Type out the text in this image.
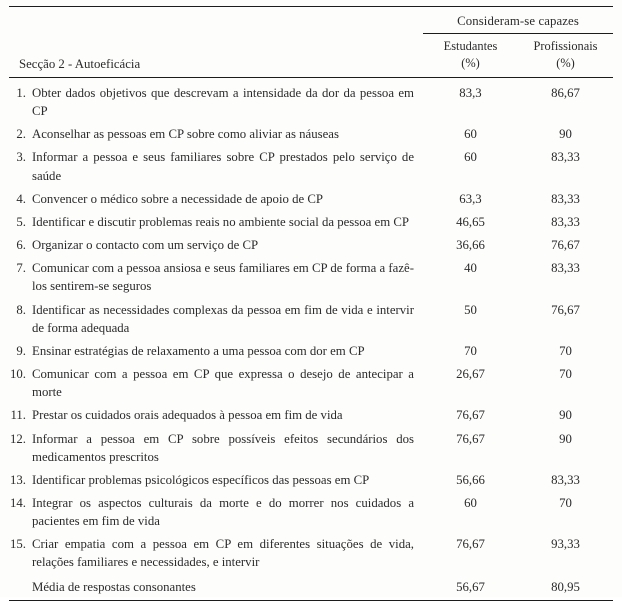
		Consideram-se capazes	

Secção 2 - Autoeficácia		Estudantes	Profissionais
		(%)	(%)

1.	Obter dados objetivos que descrevam a intensidade da dor da pessoa em CP	83,3	86,67
2.	Aconselhar as pessoas em CP sobre como aliviar as náuseas	60	90
3.	Informar a pessoa e seus familiares sobre CP prestados pelo serviço de saúde	60	83,33
4.	Convencer o médico sobre a necessidade de apoio de CP	63,3	83,33
5.	Identificar e discutir problemas reais no ambiente social da pessoa em CP	46,65	83,33
6.	Organizar o contacto com um serviço de CP	36,66	76,67
7.	Comunicar com a pessoa ansiosa e seus familiares em CP de forma a fazê-los sentirem-se seguros	40	83,33
8.	Identificar as necessidades complexas da pessoa em fim de vida e intervir de forma adequada	50	76,67
9.	Ensinar estratégias de relaxamento a uma pessoa com dor em CP	70	70
10.	Comunicar com a pessoa em CP que expressa o desejo de antecipar a morte	26,67	70
11.	Prestar os cuidados orais adequados à pessoa em fim de vida	76,67	90
12.	Informar a pessoa em CP sobre possíveis efeitos secundários dos medicamentos prescritos	76,67	90
13.	Identificar problemas psicológicos específicos das pessoas em CP	56,66	83,33
14.	Integrar os aspectos culturais da morte e do morrer nos cuidados a pacientes em fim de vida	60	70
15.	Criar empatia com a pessoa em CP em diferentes situações de vida, relações familiares e necessidades, e intervir	76,67	93,33
	Média de respostas consonantes	56,67	80,95
